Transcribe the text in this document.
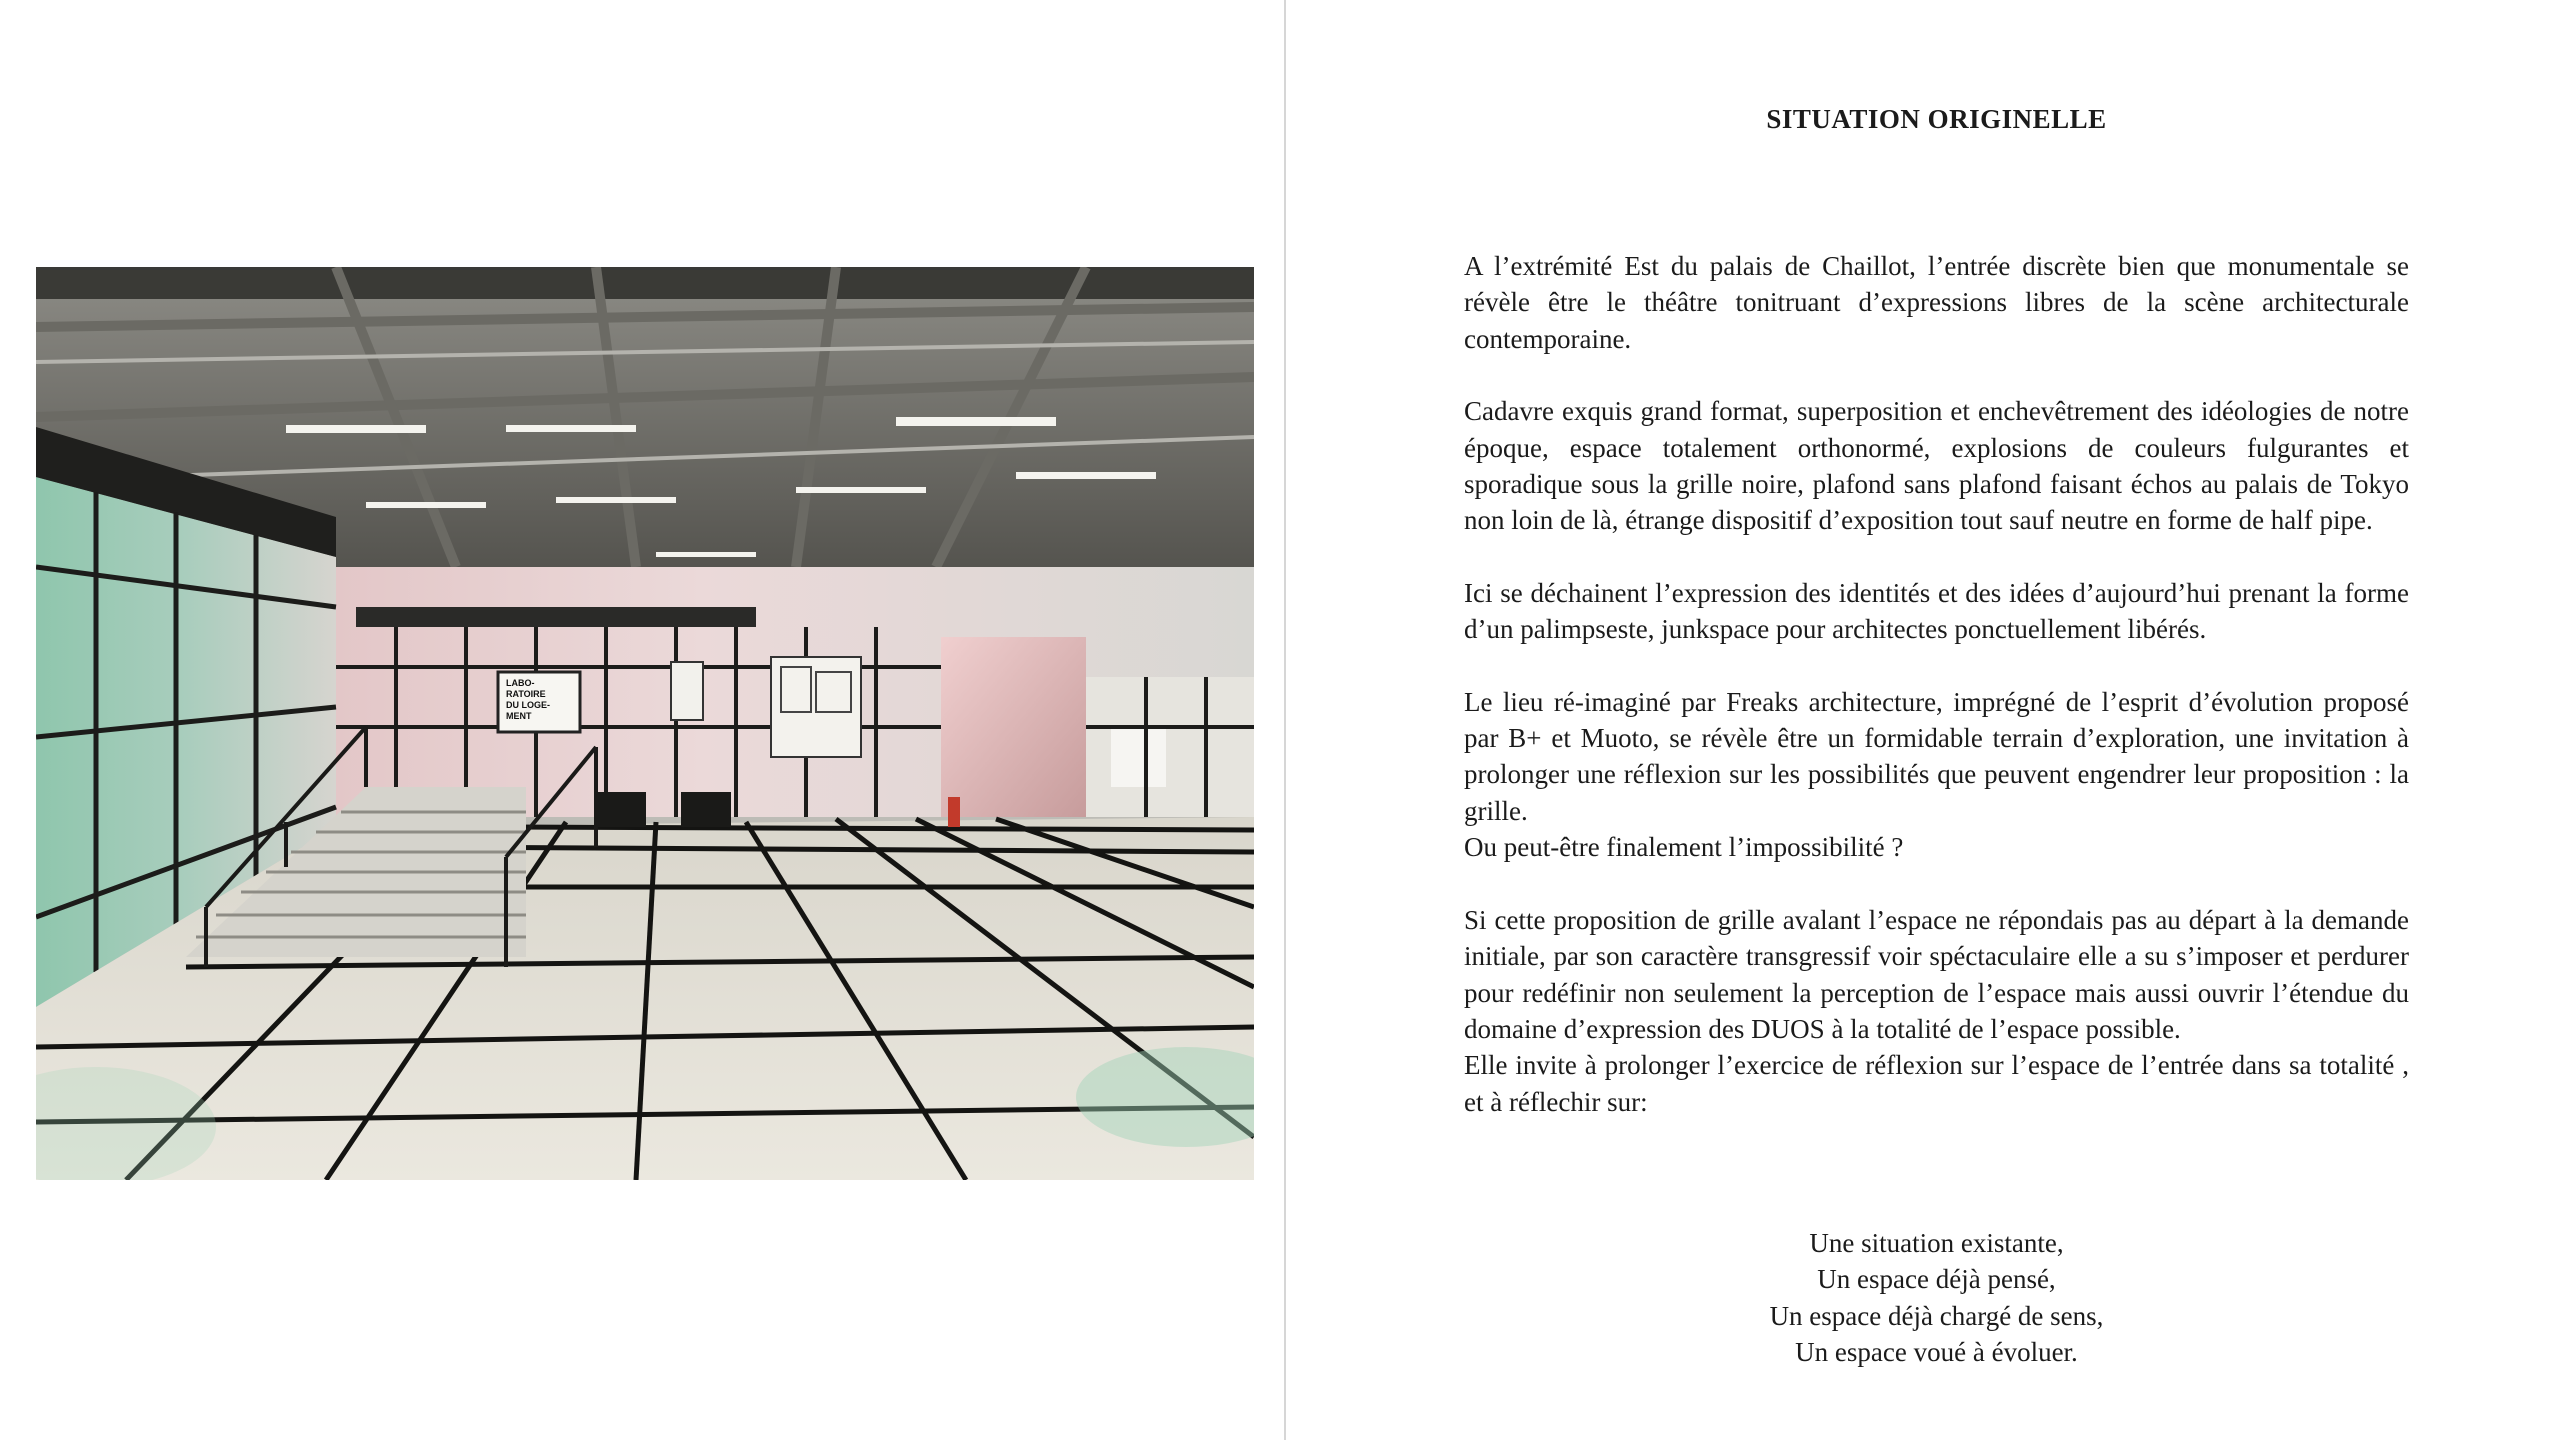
LABO-
RATOIRE
DU LOGE-
MENT
SITUATION ORIGINELLE

A l’extrémité Est du palais de Chaillot, l’entrée discrète bien que monumentale se révèle être le théâtre tonitruant d’expressions libres de la scène architecturale contemporaine.

Cadavre exquis grand format, superposition et enchevêtrement des idéologies de notre époque, espace totalement orthonormé, explosions de couleurs fulgurantes et sporadique sous la grille noire, plafond sans plafond faisant échos au palais de Tokyo non loin de là, étrange dispositif d’exposition tout sauf neutre en forme de half pipe.

Ici se déchainent l’expression des identités et des idées d’aujourd’hui prenant la forme d’un palimpseste, junkspace pour architectes ponctuellement libérés.

Le lieu ré-imaginé par Freaks architecture, imprégné de l’esprit d’évolution proposé par B+ et Muoto, se révèle être un formidable terrain d’exploration, une invitation à prolonger une réflexion sur les possibilités que peuvent engendrer leur proposition : la grille.

Ou peut-être finalement l’impossibilité ?

Si cette proposition de grille avalant l’espace ne répondais pas au départ à la demande initiale, par son caractère transgressif voir spéctaculaire elle a su s’imposer et perdurer pour redéfinir non seulement la perception de l’espace mais aussi ouvrir l’étendue du domaine d’expression des DUOS à la totalité de l’espace possible.

Elle invite à prolonger l’exercice de réflexion sur l’espace de l’entrée dans sa totalité , et à réflechir sur:

Une situation existante,
Un espace déjà pensé,
Un espace déjà chargé de sens,
Un espace voué à évoluer.
